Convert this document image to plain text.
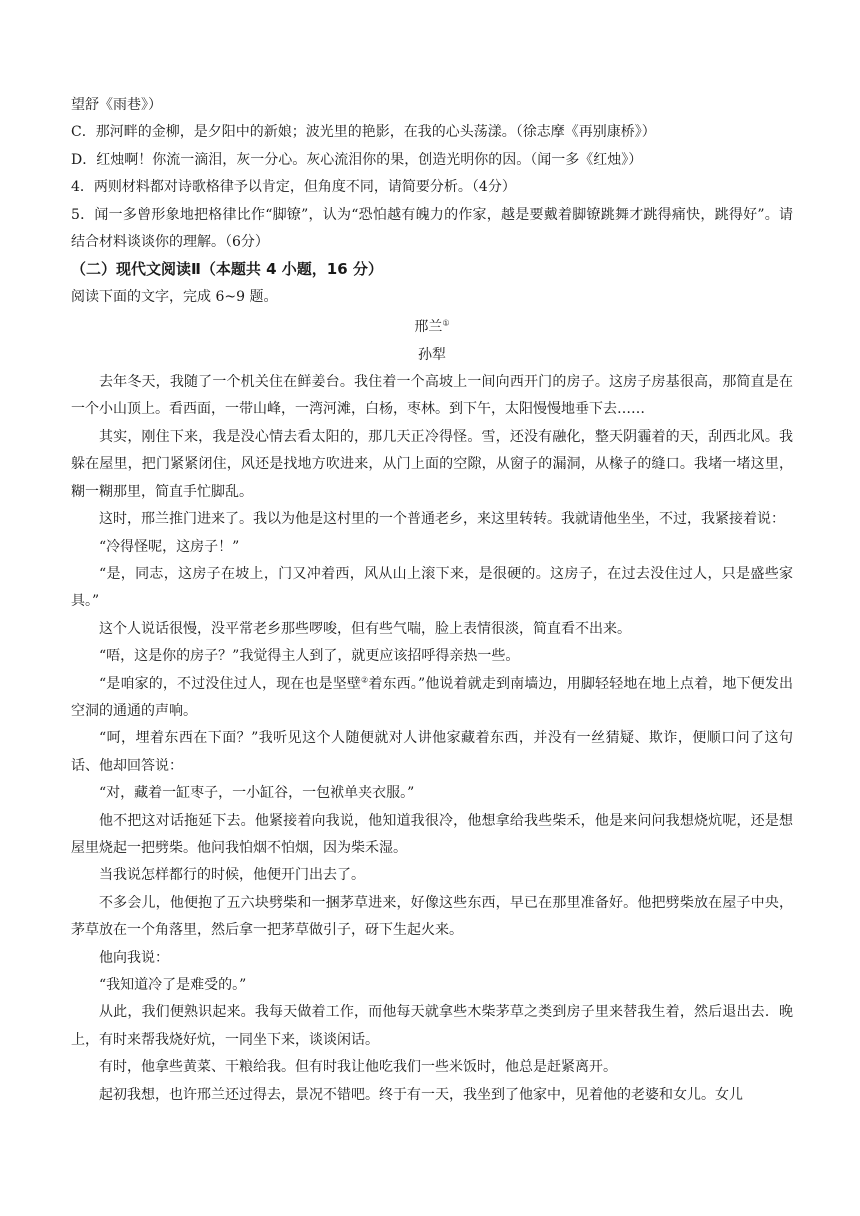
望舒《雨巷》）

C．那河畔的金柳，是夕阳中的新娘；波光里的艳影，在我的心头荡漾。（徐志摩《再别康桥》）

D．红烛啊！你流一滴泪，灰一分心。灰心流泪你的果，创造光明你的因。（闻一多《红烛》）

4．两则材料都对诗歌格律予以肯定，但角度不同，请简要分析。（4分）

5．闻一多曾形象地把格律比作“脚镣”，认为“恐怕越有魄力的作家，越是要戴着脚镣跳舞才跳得痛快，跳得好”。请结合材料谈谈你的理解。（6分）

（二）现代文阅读Ⅱ（本题共 4 小题，16 分）

阅读下面的文字，完成 6~9 题。

邢兰①

孙犁

去年冬天，我随了一个机关住在鲜姜台。我住着一个高坡上一间向西开门的房子。这房子房基很高，那简直是在一个小山顶上。看西面，一带山峰，一湾河滩，白杨，枣林。到下午，太阳慢慢地垂下去……

其实，刚住下来，我是没心情去看太阳的，那几天正冷得怪。雪，还没有融化，整天阴霾着的天，刮西北风。我躲在屋里，把门紧紧闭住，风还是找地方吹进来，从门上面的空隙，从窗子的漏洞，从椽子的缝口。我堵一堵这里，糊一糊那里，简直手忙脚乱。

这时，邢兰推门进来了。我以为他是这村里的一个普通老乡，来这里转转。我就请他坐坐，不过，我紧接着说：

“冷得怪呢，这房子！”

“是，同志，这房子在坡上，门又冲着西，风从山上滚下来，是很硬的。这房子，在过去没住过人，只是盛些家具。”

这个人说话很慢，没平常老乡那些啰唆，但有些气喘，脸上表情很淡，简直看不出来。

“唔，这是你的房子？”我觉得主人到了，就更应该招呼得亲热一些。

“是咱家的，不过没住过人，现在也是坚壁②着东西。”他说着就走到南墙边，用脚轻轻地在地上点着，地下便发出空洞的通通的声响。

“呵，埋着东西在下面？”我听见这个人随便就对人讲他家藏着东西，并没有一丝猜疑、欺诈，便顺口问了这句话、他却回答说：

“对，藏着一缸枣子，一小缸谷，一包袱单夹衣服。”

他不把这对话拖延下去。他紧接着向我说，他知道我很冷，他想拿给我些柴禾，他是来问问我想烧炕呢，还是想屋里烧起一把劈柴。他问我怕烟不怕烟，因为柴禾湿。

当我说怎样都行的时候，他便开门出去了。

不多会儿，他便抱了五六块劈柴和一捆茅草进来，好像这些东西，早已在那里准备好。他把劈柴放在屋子中央，茅草放在一个角落里，然后拿一把茅草做引子，砑下生起火来。

他向我说：

“我知道冷了是难受的。”

从此，我们便熟识起来。我每天做着工作，而他每天就拿些木柴茅草之类到房子里来替我生着，然后退出去．晚上，有时来帮我烧好炕，一同坐下来，谈谈闲话。

有时，他拿些黄菜、干粮给我。但有时我让他吃我们一些米饭时，他总是赶紧离开。

起初我想，也许邢兰还过得去，景况不错吧。终于有一天，我坐到了他家中，见着他的老婆和女儿。女儿
